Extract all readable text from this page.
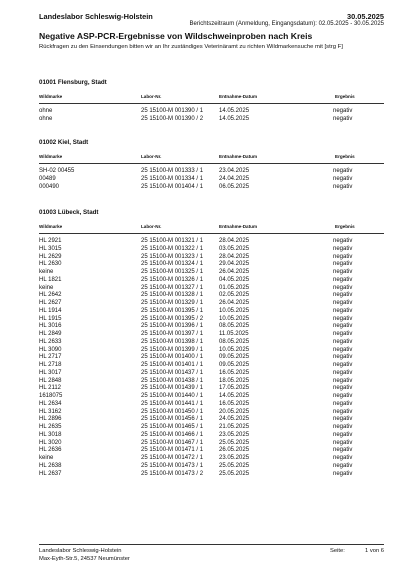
Landeslabor Schleswig-Holstein	30.05.2025
Berichtszeitraum (Anmeldung, Eingangsdatum): 02.05.2025 - 30.05.2025
Negative ASP-PCR-Ergebnisse von Wildschweinproben nach Kreis
Rückfragen zu den Einsendungen bitten wir an Ihr zuständiges Veterinäramt zu richten Wildmarkensuche mit [strg F]
01001 Flensburg, Stadt
Wildmarke	Labor-Nr.	Entnahme-Datum	Ergebnis
ohne	25 15100-M 001390 / 1	14.05.2025	negativ
ohne	25 15100-M 001390 / 2	14.05.2025	negativ
01002 Kiel, Stadt
Wildmarke	Labor-Nr.	Entnahme-Datum	Ergebnis
SH-02 00455	25 15100-M 001333 / 1	23.04.2025	negativ
00489	25 15100-M 001334 / 1	24.04.2025	negativ
000490	25 15100-M 001404 / 1	06.05.2025	negativ
01003 Lübeck, Stadt
Wildmarke	Labor-Nr.	Entnahme-Datum	Ergebnis
HL 2921	25 15100-M 001321 / 1	28.04.2025	negativ
HL 3015	25 15100-M 001322 / 1	03.05.2025	negativ
HL 2629	25 15100-M 001323 / 1	28.04.2025	negativ
HL 2630	25 15100-M 001324 / 1	29.04.2025	negativ
keine	25 15100-M 001325 / 1	26.04.2025	negativ
HL 1821	25 15100-M 001326 / 1	04.05.2025	negativ
keine	25 15100-M 001327 / 1	01.05.2025	negativ
HL 2642	25 15100-M 001328 / 1	02.05.2025	negativ
HL 2627	25 15100-M 001329 / 1	26.04.2025	negativ
HL 1914	25 15100-M 001395 / 1	10.05.2025	negativ
HL 1915	25 15100-M 001395 / 2	10.05.2025	negativ
HL 3016	25 15100-M 001396 / 1	08.05.2025	negativ
HL 2849	25 15100-M 001397 / 1	11.05.2025	negativ
HL 2633	25 15100-M 001398 / 1	08.05.2025	negativ
HL 3090	25 15100-M 001399 / 1	10.05.2025	negativ
HL 2717	25 15100-M 001400 / 1	09.05.2025	negativ
HL 2718	25 15100-M 001401 / 1	09.05.2025	negativ
HL 3017	25 15100-M 001437 / 1	16.05.2025	negativ
HL 2848	25 15100-M 001438 / 1	18.05.2025	negativ
HL 2112	25 15100-M 001439 / 1	17.05.2025	negativ
1618075	25 15100-M 001440 / 1	14.05.2025	negativ
HL 2634	25 15100-M 001441 / 1	16.05.2025	negativ
HL 3162	25 15100-M 001450 / 1	20.05.2025	negativ
HL 2896	25 15100-M 001456 / 1	24.05.2025	negativ
HL 2635	25 15100-M 001465 / 1	21.05.2025	negativ
HL 3018	25 15100-M 001466 / 1	23.05.2025	negativ
HL 3020	25 15100-M 001467 / 1	25.05.2025	negativ
HL 2636	25 15100-M 001471 / 1	26.05.2025	negativ
keine	25 15100-M 001472 / 1	23.05.2025	negativ
HL 2638	25 15100-M 001473 / 1	25.05.2025	negativ
HL 2637	25 15100-M 001473 / 2	25.05.2025	negativ
Landeslabor Schleswig-Holstein
Max-Eyth-Str.5, 24537 Neumünster
Seite:	1 von 6
